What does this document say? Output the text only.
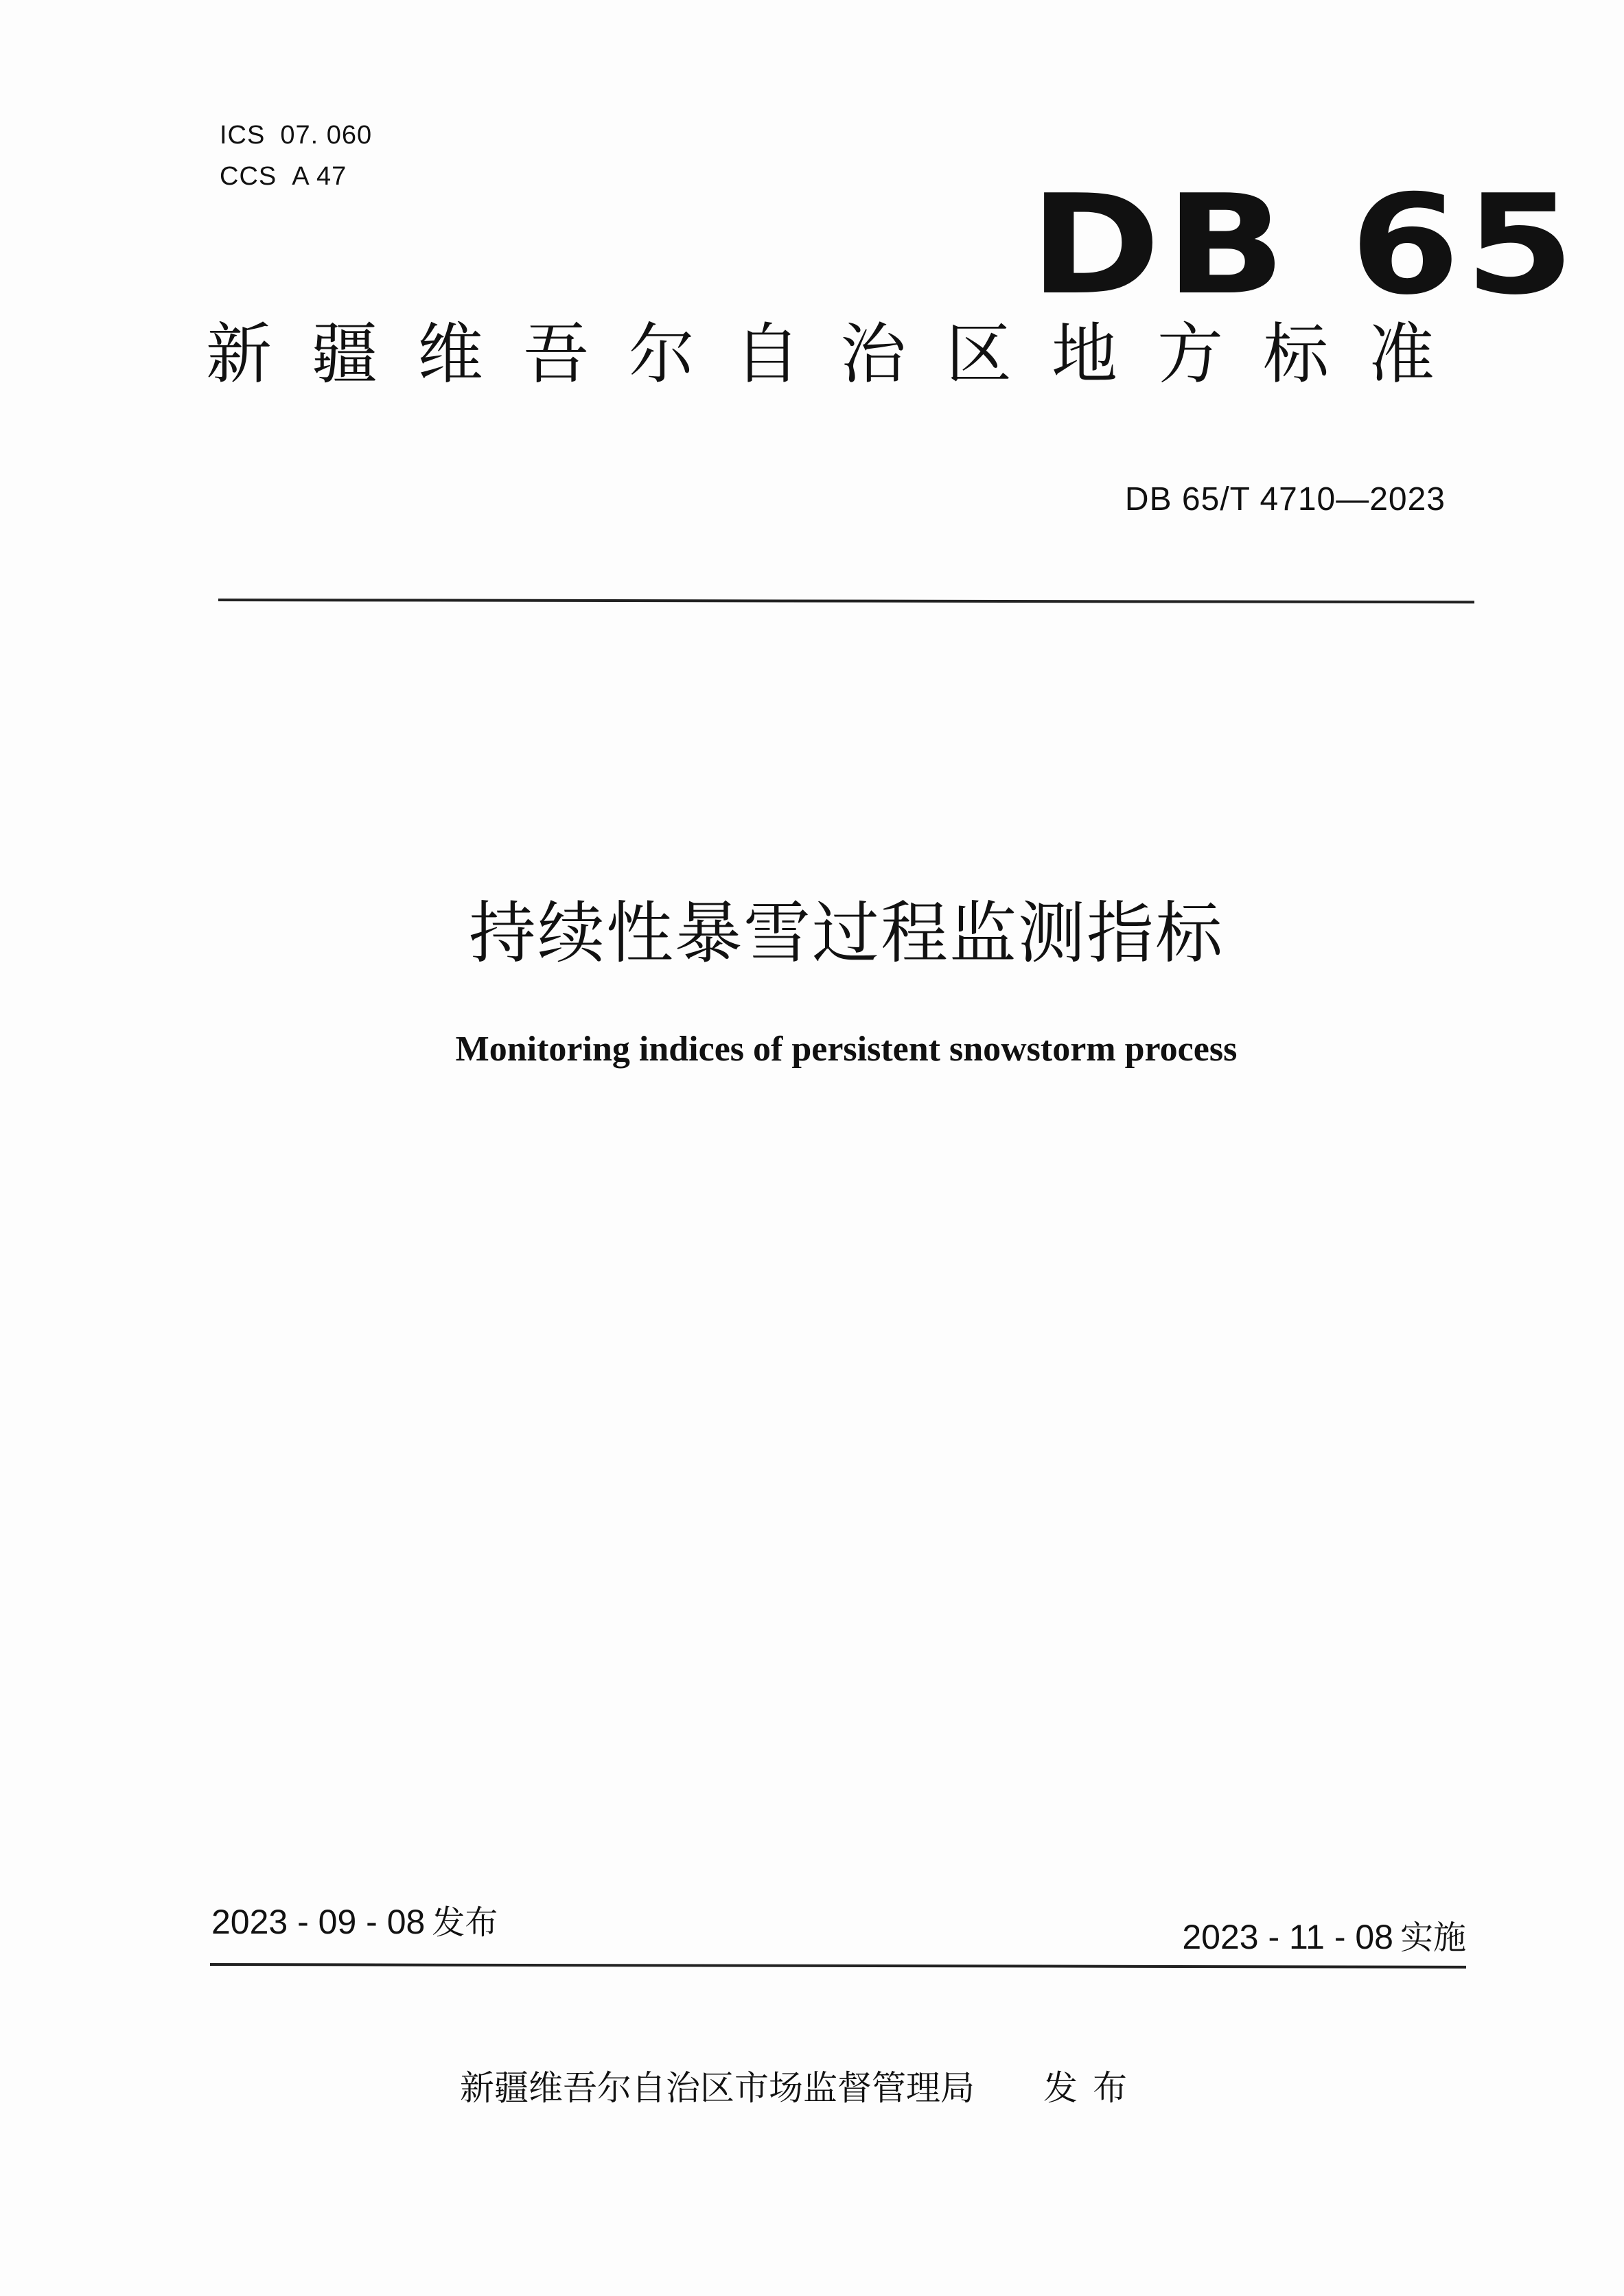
ICS 07. 060
CCS A 47	DB 65
新疆维吾尔自治区地方标准
DB 65/T 4710—2023
持续性暴雪过程监测指标
Monitoring indices of persistent snowstorm process
2023 - 09 - 08 发布	2023 - 11 - 08 实施
新疆维吾尔自治区市场监督管理局 发布
